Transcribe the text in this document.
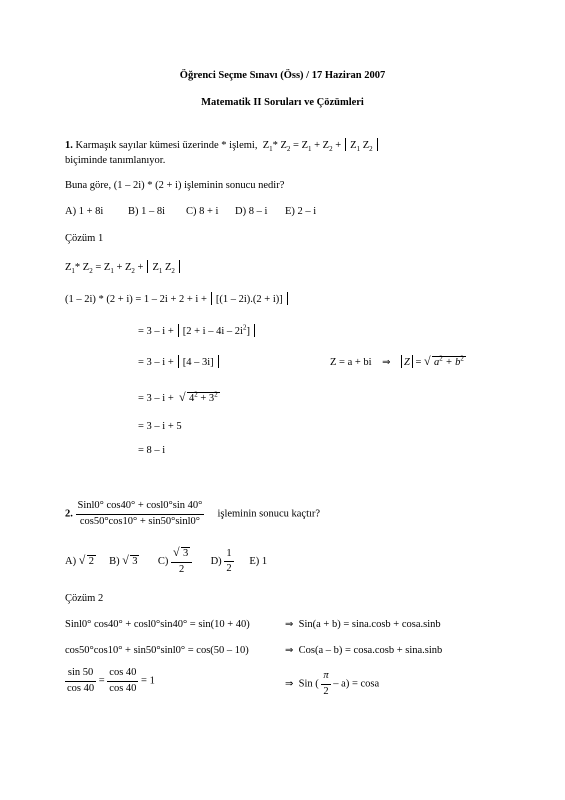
Öğrenci Seçme Sınavı (Öss) / 17 Haziran 2007
Matematik II Soruları ve Çözümleri
1. Karmaşık sayılar kümesi üzerinde * işlemi, $Z_1*$ $Z_2 = Z_1 + Z_2 + Z_1$ $Z_2$
biçiminde tanımlanıyor.
Buna göre, (1 – 2i) * (2 + i) işleminin sonucu nedir?
A) 1 + 8i B) 1 – 8i C) 8 + i D) 8 – i E) 2 – i
Çözüm 1
$Z_1*$ $Z_2 = Z_1 + Z_2 + Z_1$ $Z_2$
(1 – 2i) * (2 + i) = 1 – 2i + 2 + i + [(1 – 2i).(2 + i)]
= $3 - i + [2 + i - 4i - 2i^2]$
= 3 – i + [4 – 3i]	Z = a + bi ⇒ Z = √ $a^2 + b^2$
= 3 – i + √ $4^2 + 3^2$
= 3 – i + 5
= 8 – i
2. $\frac{\text{Sinl0° cos40° + cosl0°sin 40°}}{\cos 50^\circ\cos 10^\circ + \sin 50^\circ\sin l0^\circ}$ işleminin sonucu kaçtır?
A) √ 2 B) √ 3 $C) \frac{√ 3}{2} D) \frac{1}{2} E$) 1
Çözüm 2
Sinl0° cos40° + cosl0°sin40° = sin(10 + 40)	⇒ Sin(a + b) = sina.cosb + cosa.sinb
cos50°cos10° + sin50°sinl0° = cos(50 – 10)	⇒ Cos(a – b) = cosa.cosb + sina.sinb
$\frac{\sin 50}{\cos 40} = \frac{\cos 40}{\cos 40} = 1$	⇒ Sin ( $\frac{\pi}{2} - a) = \cos a$
